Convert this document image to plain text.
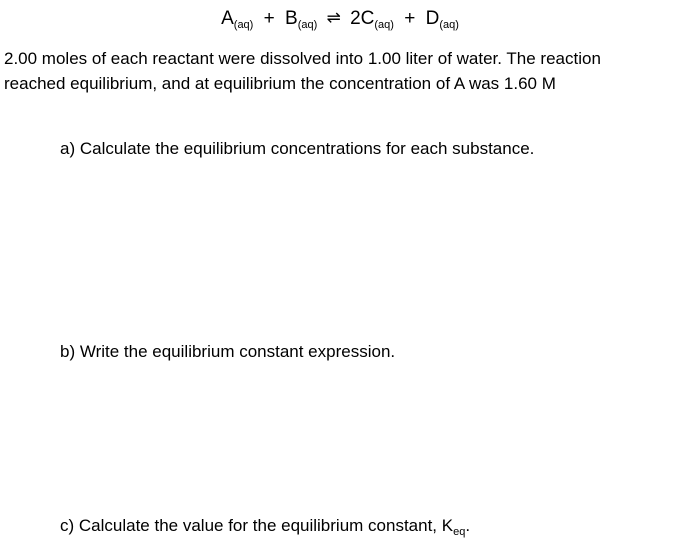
$A_{(aq)} + B_{(aq)}$ ⇌ $2C_{(aq)} + D_{(aq)}$

2.00 moles of each reactant were dissolved into 1.00 liter of water. The reaction

reached equilibrium, and at equilibrium the concentration of A was 1.60 M

a) Calculate the equilibrium concentrations for each substance.
b) Write the equilibrium constant expression.
c) Calculate the value for the equilibrium constant, $K_{eq}$.
